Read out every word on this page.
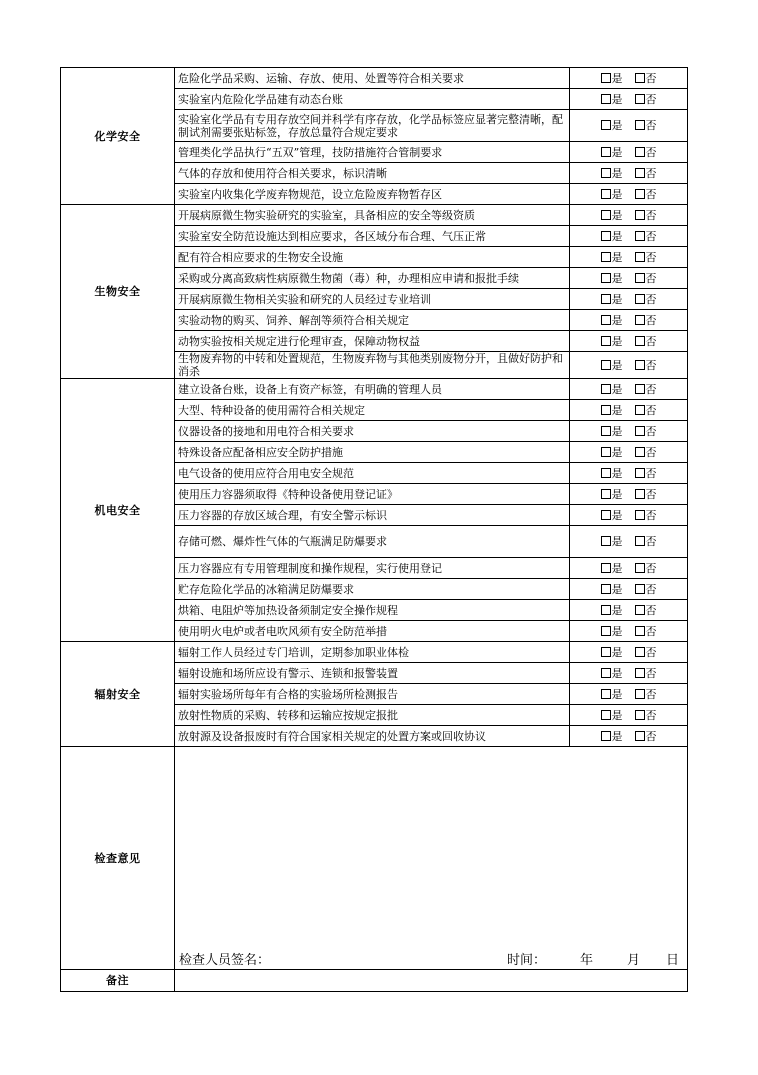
化学安全	危险化学品采购、运输、存放、使用、处置等符合相关要求	是 否
	实验室内危险化学品建有动态台账	是 否
	实验室化学品有专用存放空间并科学有序存放，化学品标签应显著完整清晰，配制试剂需要张贴标签，存放总量符合规定要求	是 否
	管理类化学品执行“五双”管理，技防措施符合管制要求	是 否
	气体的存放和使用符合相关要求，标识清晰	是 否
	实验室内收集化学废弃物规范，设立危险废弃物暂存区	是 否
生物安全	开展病原微生物实验研究的实验室，具备相应的安全等级资质	是 否
	实验室安全防范设施达到相应要求，各区域分布合理、气压正常	是 否
	配有符合相应要求的生物安全设施	是 否
	采购或分离高致病性病原微生物菌（毒）种，办理相应申请和报批手续	是 否
	开展病原微生物相关实验和研究的人员经过专业培训	是 否
	实验动物的购买、饲养、解剖等须符合相关规定	是 否
	动物实验按相关规定进行伦理审查，保障动物权益	是 否
	生物废弃物的中转和处置规范，生物废弃物与其他类别废物分开，且做好防护和消杀	是 否
机电安全	建立设备台账，设备上有资产标签，有明确的管理人员	是 否
	大型、特种设备的使用需符合相关规定	是 否
	仪器设备的接地和用电符合相关要求	是 否
	特殊设备应配备相应安全防护措施	是 否
	电气设备的使用应符合用电安全规范	是 否
	使用压力容器须取得《特种设备使用登记证》	是 否
	压力容器的存放区域合理，有安全警示标识	是 否
	存储可燃、爆炸性气体的气瓶满足防爆要求	是 否
	压力容器应有专用管理制度和操作规程，实行使用登记	是 否
	贮存危险化学品的冰箱满足防爆要求	是 否
	烘箱、电阻炉等加热设备须制定安全操作规程	是 否
	使用明火电炉或者电吹风须有安全防范举措	是 否
辐射安全	辐射工作人员经过专门培训，定期参加职业体检	是 否
	辐射设施和场所应设有警示、连锁和报警装置	是 否
	辐射实验场所每年有合格的实验场所检测报告	是 否
	放射性物质的采购、转移和运输应按规定报批	是 否
	放射源及设备报废时有符合国家相关规定的处置方案或回收协议	是 否
检查意见	检查人员签名： 时间： 年 月 日	

备注		
